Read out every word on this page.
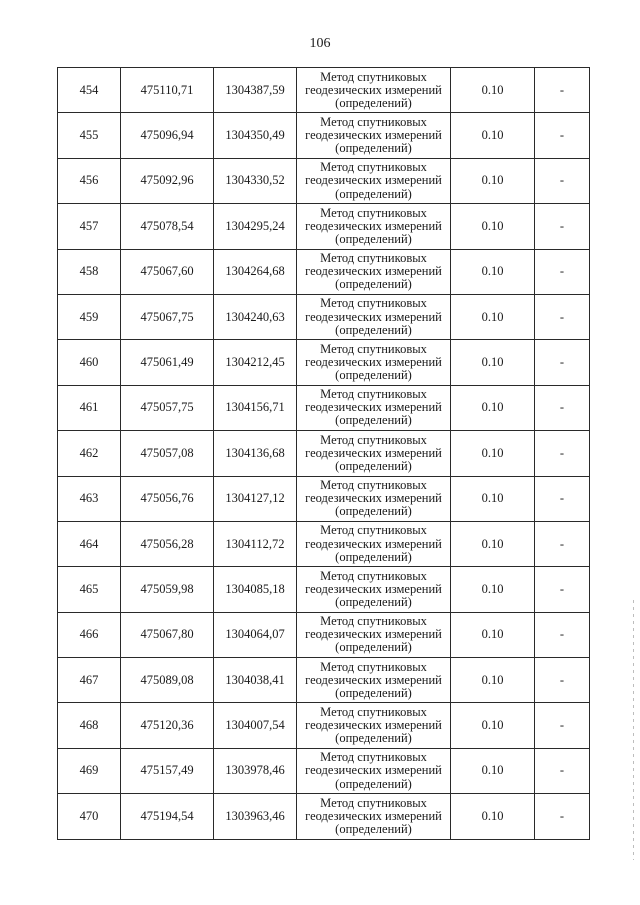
106
454	475110,71	1304387,59	Метод спутниковых
геодезических измерений
(определений)	0.10	-
455	475096,94	1304350,49	Метод спутниковых
геодезических измерений
(определений)	0.10	-
456	475092,96	1304330,52	Метод спутниковых
геодезических измерений
(определений)	0.10	-
457	475078,54	1304295,24	Метод спутниковых
геодезических измерений
(определений)	0.10	-
458	475067,60	1304264,68	Метод спутниковых
геодезических измерений
(определений)	0.10	-
459	475067,75	1304240,63	Метод спутниковых
геодезических измерений
(определений)	0.10	-
460	475061,49	1304212,45	Метод спутниковых
геодезических измерений
(определений)	0.10	-
461	475057,75	1304156,71	Метод спутниковых
геодезических измерений
(определений)	0.10	-
462	475057,08	1304136,68	Метод спутниковых
геодезических измерений
(определений)	0.10	-
463	475056,76	1304127,12	Метод спутниковых
геодезических измерений
(определений)	0.10	-
464	475056,28	1304112,72	Метод спутниковых
геодезических измерений
(определений)	0.10	-
465	475059,98	1304085,18	Метод спутниковых
геодезических измерений
(определений)	0.10	-
466	475067,80	1304064,07	Метод спутниковых
геодезических измерений
(определений)	0.10	-
467	475089,08	1304038,41	Метод спутниковых
геодезических измерений
(определений)	0.10	-
468	475120,36	1304007,54	Метод спутниковых
геодезических измерений
(определений)	0.10	-
469	475157,49	1303978,46	Метод спутниковых
геодезических измерений
(определений)	0.10	-
470	475194,54	1303963,46	Метод спутниковых
геодезических измерений
(определений)	0.10	-
